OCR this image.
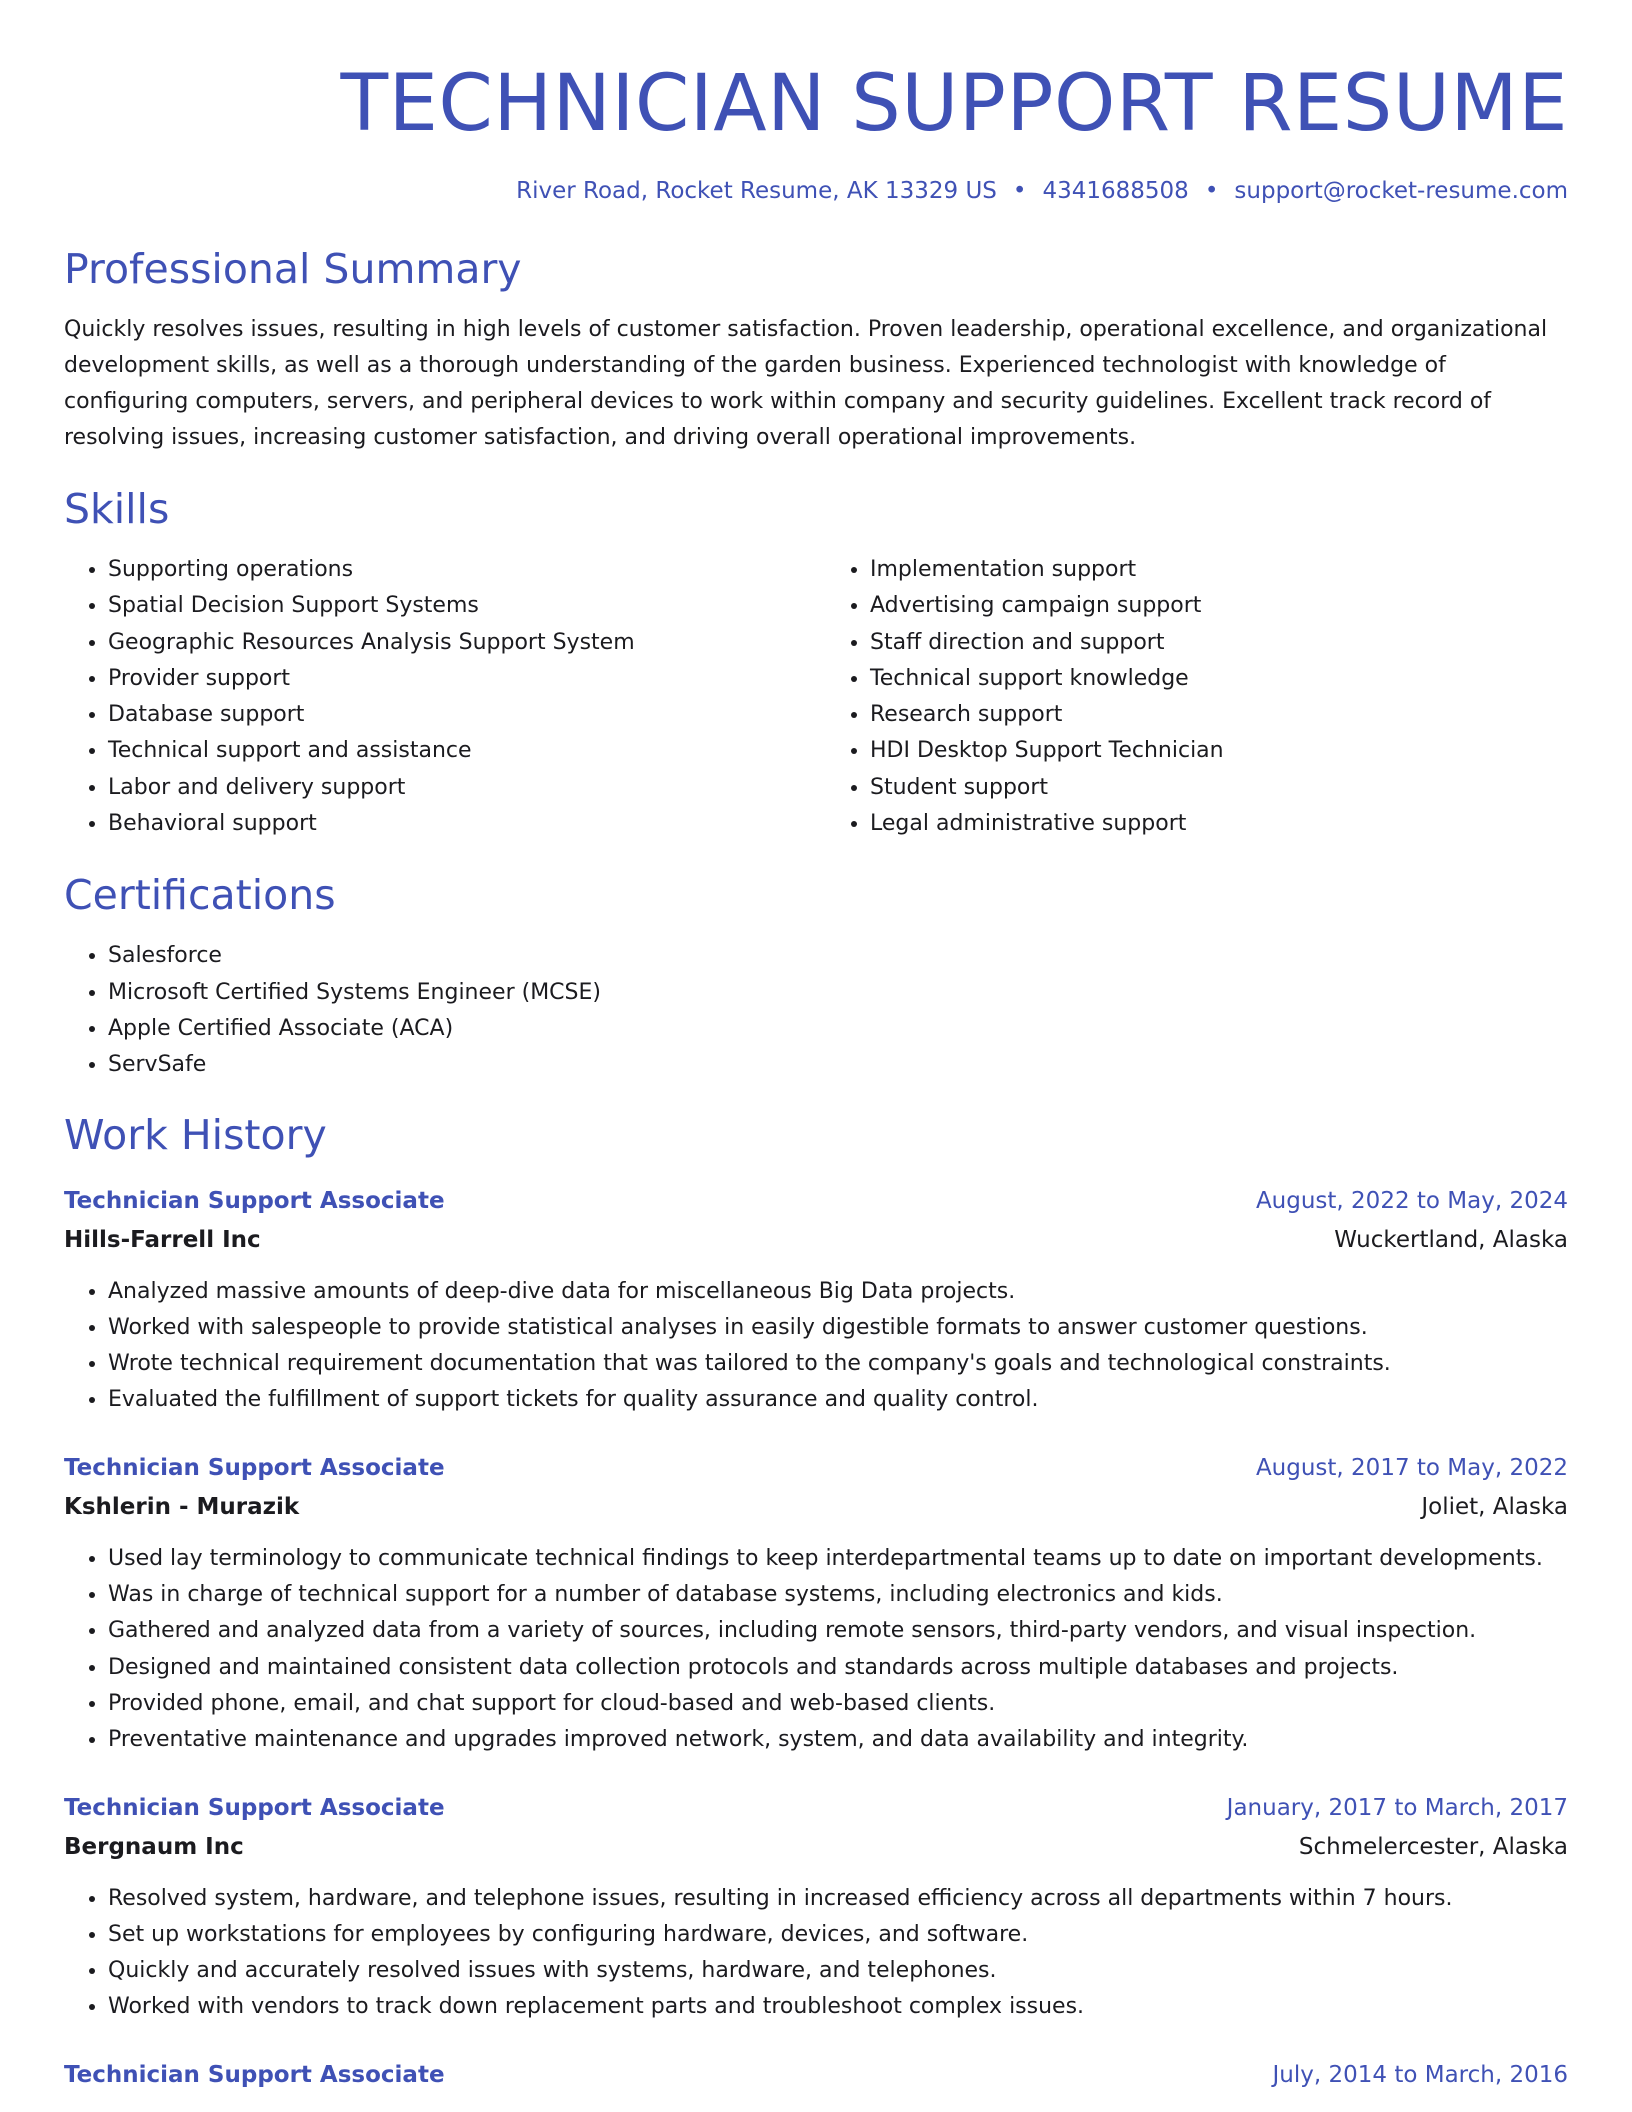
TECHNICIAN SUPPORT RESUME
River Road, Rocket Resume, AK 13329 US • 4341688508 • support@rocket-resume.com
Professional Summary

Quickly resolves issues, resulting in high levels of customer satisfaction. Proven leadership, operational excellence, and organizational development skills, as well as a thorough understanding of the garden business. Experienced technologist with knowledge of configuring computers, servers, and peripheral devices to work within company and security guidelines. Excellent track record of resolving issues, increasing customer satisfaction, and driving overall operational improvements.

Skills
• Supporting operations
• Spatial Decision Support Systems
• Geographic Resources Analysis Support System
• Provider support
• Database support
• Technical support and assistance
• Labor and delivery support
• Behavioral support
• Implementation support
• Advertising campaign support
• Staff direction and support
• Technical support knowledge
• Research support
• HDI Desktop Support Technician
• Student support
• Legal administrative support
Certifications
• Salesforce
• Microsoft Certified Systems Engineer (MCSE)
• Apple Certified Associate (ACA)
• ServSafe
Work History
Technician Support Associate	August, 2022 to May, 2024
Hills-Farrell Inc	Wuckertland, Alaska
• Analyzed massive amounts of deep-dive data for miscellaneous Big Data projects.
• Worked with salespeople to provide statistical analyses in easily digestible formats to answer customer questions.
• Wrote technical requirement documentation that was tailored to the company's goals and technological constraints.
• Evaluated the fulfillment of support tickets for quality assurance and quality control.
Technician Support Associate	August, 2017 to May, 2022
Kshlerin - Murazik	Joliet, Alaska
• Used lay terminology to communicate technical findings to keep interdepartmental teams up to date on important developments.
• Was in charge of technical support for a number of database systems, including electronics and kids.
• Gathered and analyzed data from a variety of sources, including remote sensors, third-party vendors, and visual inspection.
• Designed and maintained consistent data collection protocols and standards across multiple databases and projects.
• Provided phone, email, and chat support for cloud-based and web-based clients.
• Preventative maintenance and upgrades improved network, system, and data availability and integrity.
Technician Support Associate	January, 2017 to March, 2017
Bergnaum Inc	Schmelercester, Alaska
• Resolved system, hardware, and telephone issues, resulting in increased efficiency across all departments within 7 hours.
• Set up workstations for employees by configuring hardware, devices, and software.
• Quickly and accurately resolved issues with systems, hardware, and telephones.
• Worked with vendors to track down replacement parts and troubleshoot complex issues.
Technician Support Associate	July, 2014 to March, 2016
